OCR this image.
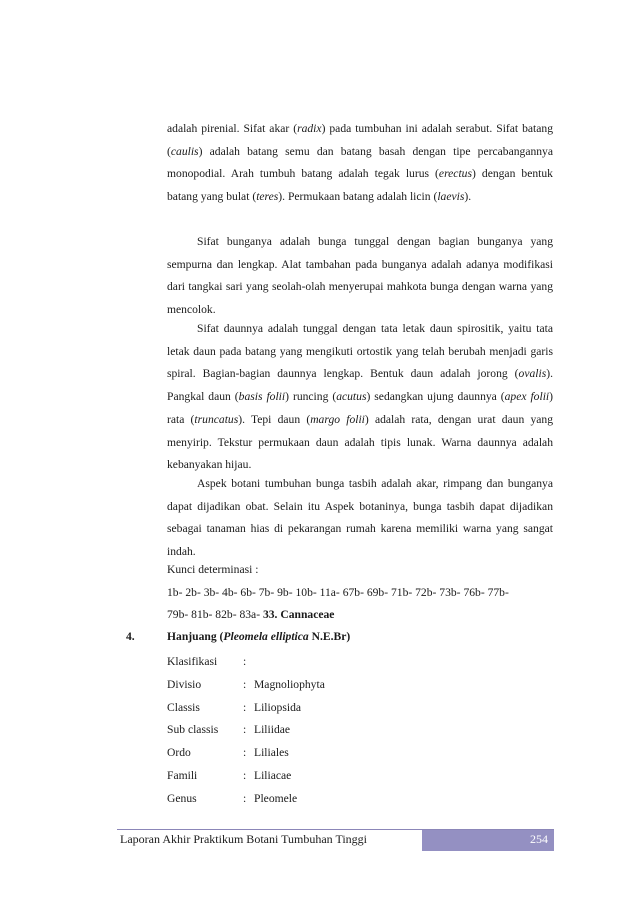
adalah pirenial. Sifat akar (radix) pada tumbuhan ini adalah serabut. Sifat batang (caulis) adalah batang semu dan batang basah dengan tipe percabangannya monopodial. Arah tumbuh batang adalah tegak lurus (erectus) dengan bentuk batang yang bulat (teres). Permukaan batang adalah licin (laevis).
Sifat bunganya adalah bunga tunggal dengan bagian bunganya yang sempurna dan lengkap. Alat tambahan pada bunganya adalah adanya modifikasi dari tangkai sari yang seolah-olah menyerupai mahkota bunga dengan warna yang mencolok.
Sifat daunnya adalah tunggal dengan tata letak daun spirositik, yaitu tata letak daun pada batang yang mengikuti ortostik yang telah berubah menjadi garis spiral. Bagian-bagian daunnya lengkap. Bentuk daun adalah jorong (ovalis). Pangkal daun (basis folii) runcing (acutus) sedangkan ujung daunnya (apex folii) rata (truncatus). Tepi daun (margo folii) adalah rata, dengan urat daun yang menyirip. Tekstur permukaan daun adalah tipis lunak. Warna daunnya adalah kebanyakan hijau.
Aspek botani tumbuhan bunga tasbih adalah akar, rimpang dan bunganya dapat dijadikan obat. Selain itu Aspek botaninya, bunga tasbih dapat dijadikan sebagai tanaman hias di pekarangan rumah karena memiliki warna yang sangat indah.
Kunci determinasi :
1b- 2b- 3b- 4b- 6b- 7b- 9b- 10b- 11a- 67b- 69b- 71b- 72b- 73b- 76b- 77b-
79b- 81b- 82b- 83a- 33. Cannaceae
4.	Hanjuang (Pleomela elliptica N.E.Br)
Klasifikasi	:	
Divisio	:	Magnoliophyta
Classis	:	Liliopsida
Sub classis	:	Liliidae
Ordo	:	Liliales
Famili	:	Liliacae
Genus	:	Pleomele
Laporan Akhir Praktikum Botani Tumbuhan Tinggi	254
